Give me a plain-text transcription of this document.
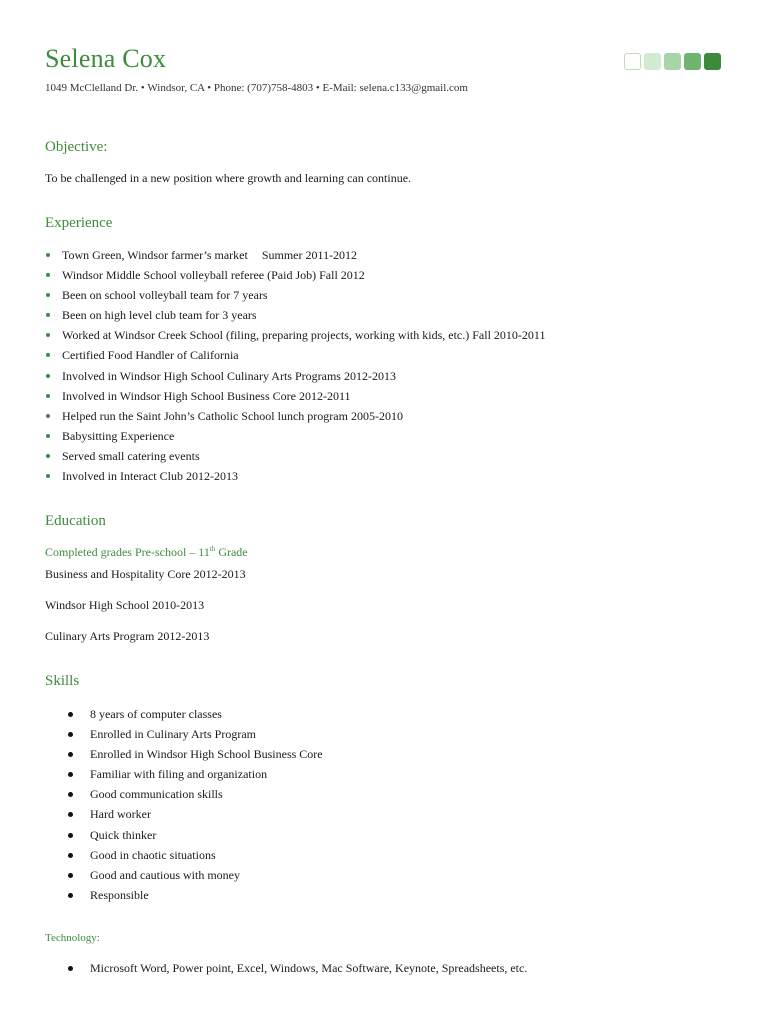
Selena Cox
1049 McClelland Dr. • Windsor, CA • Phone: (707)758-4803 • E-Mail: selena.c133@gmail.com
Objective:
To be challenged in a new position where growth and learning can continue.
Experience
Town Green, Windsor farmer’s market Summer 2011-2012
Windsor Middle School volleyball referee (Paid Job) Fall 2012
Been on school volleyball team for 7 years
Been on high level club team for 3 years
Worked at Windsor Creek School (filing, preparing projects, working with kids, etc.) Fall 2010-2011
Certified Food Handler of California
Involved in Windsor High School Culinary Arts Programs 2012-2013
Involved in Windsor High School Business Core 2012-2011
Helped run the Saint John’s Catholic School lunch program 2005-2010
Babysitting Experience
Served small catering events
Involved in Interact Club 2012-2013
Education
Completed grades Pre-school – 11th Grade
Business and Hospitality Core 2012-2013
Windsor High School 2010-2013
Culinary Arts Program 2012-2013
Skills
8 years of computer classes
Enrolled in Culinary Arts Program
Enrolled in Windsor High School Business Core
Familiar with filing and organization
Good communication skills
Hard worker
Quick thinker
Good in chaotic situations
Good and cautious with money
Responsible
Technology:
Microsoft Word, Power point, Excel, Windows, Mac Software, Keynote, Spreadsheets, etc.
